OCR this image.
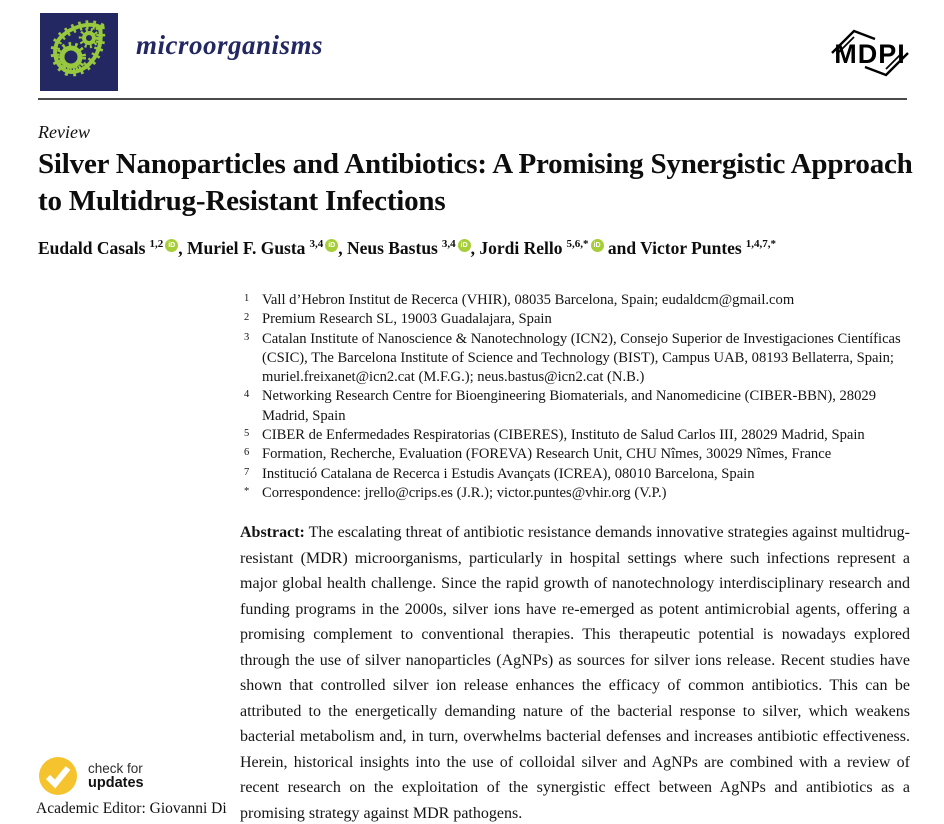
microorganisms	MDPI
Review
Silver Nanoparticles and Antibiotics: A Promising Synergistic Approach to Multidrug-Resistant Infections
Eudald Casals $^{1,2}$ iD , Muriel F. Gusta $^{3,4}$ iD , Neus Bastus $^{3,4}$ iD , Jordi Rello $^{5,6,*}$ iD and Victor Puntes $^{1,4,7,*}$
1 Vall d’Hebron Institut de Recerca (VHIR), 08035 Barcelona, Spain; eudaldcm@gmail.com
2 Premium Research SL, 19003 Guadalajara, Spain
3 Catalan Institute of Nanoscience & Nanotechnology (ICN2), Consejo Superior de Investigaciones Científicas (CSIC), The Barcelona Institute of Science and Technology (BIST), Campus UAB, 08193 Bellaterra, Spain; muriel.freixanet@icn2.cat (M.F.G.); neus.bastus@icn2.cat (N.B.)
4 Networking Research Centre for Bioengineering Biomaterials, and Nanomedicine (CIBER-BBN), 28029 Madrid, Spain
5 CIBER de Enfermedades Respiratorias (CIBERES), Instituto de Salud Carlos III, 28029 Madrid, Spain
6 Formation, Recherche, Evaluation (FOREVA) Research Unit, CHU Nîmes, 30029 Nîmes, France
7 Institució Catalana de Recerca i Estudis Avançats (ICREA), 08010 Barcelona, Spain
* Correspondence: jrello@crips.es (J.R.); victor.puntes@vhir.org (V.P.)
Abstract: The escalating threat of antibiotic resistance demands innovative strategies against multidrug-resistant (MDR) microorganisms, particularly in hospital settings where such infections represent a major global health challenge. Since the rapid growth of nanotechnology interdisciplinary research and funding programs in the 2000s, silver ions have re-emerged as potent antimicrobial agents, offering a promising complement to conventional therapies. This therapeutic potential is nowadays explored through the use of silver nanoparticles (AgNPs) as sources for silver ions release. Recent studies have shown that controlled silver ion release enhances the efficacy of common antibiotics. This can be attributed to the energetically demanding nature of the bacterial response to silver, which weakens bacterial metabolism and, in turn, overwhelms bacterial defenses and increases antibiotic effectiveness. Herein, historical insights into the use of colloidal silver and AgNPs are combined with a review of recent research on the exploitation of the synergistic effect between AgNPs and antibiotics as a promising strategy against MDR pathogens.
check for
updates
Academic Editor: Giovanni Di
